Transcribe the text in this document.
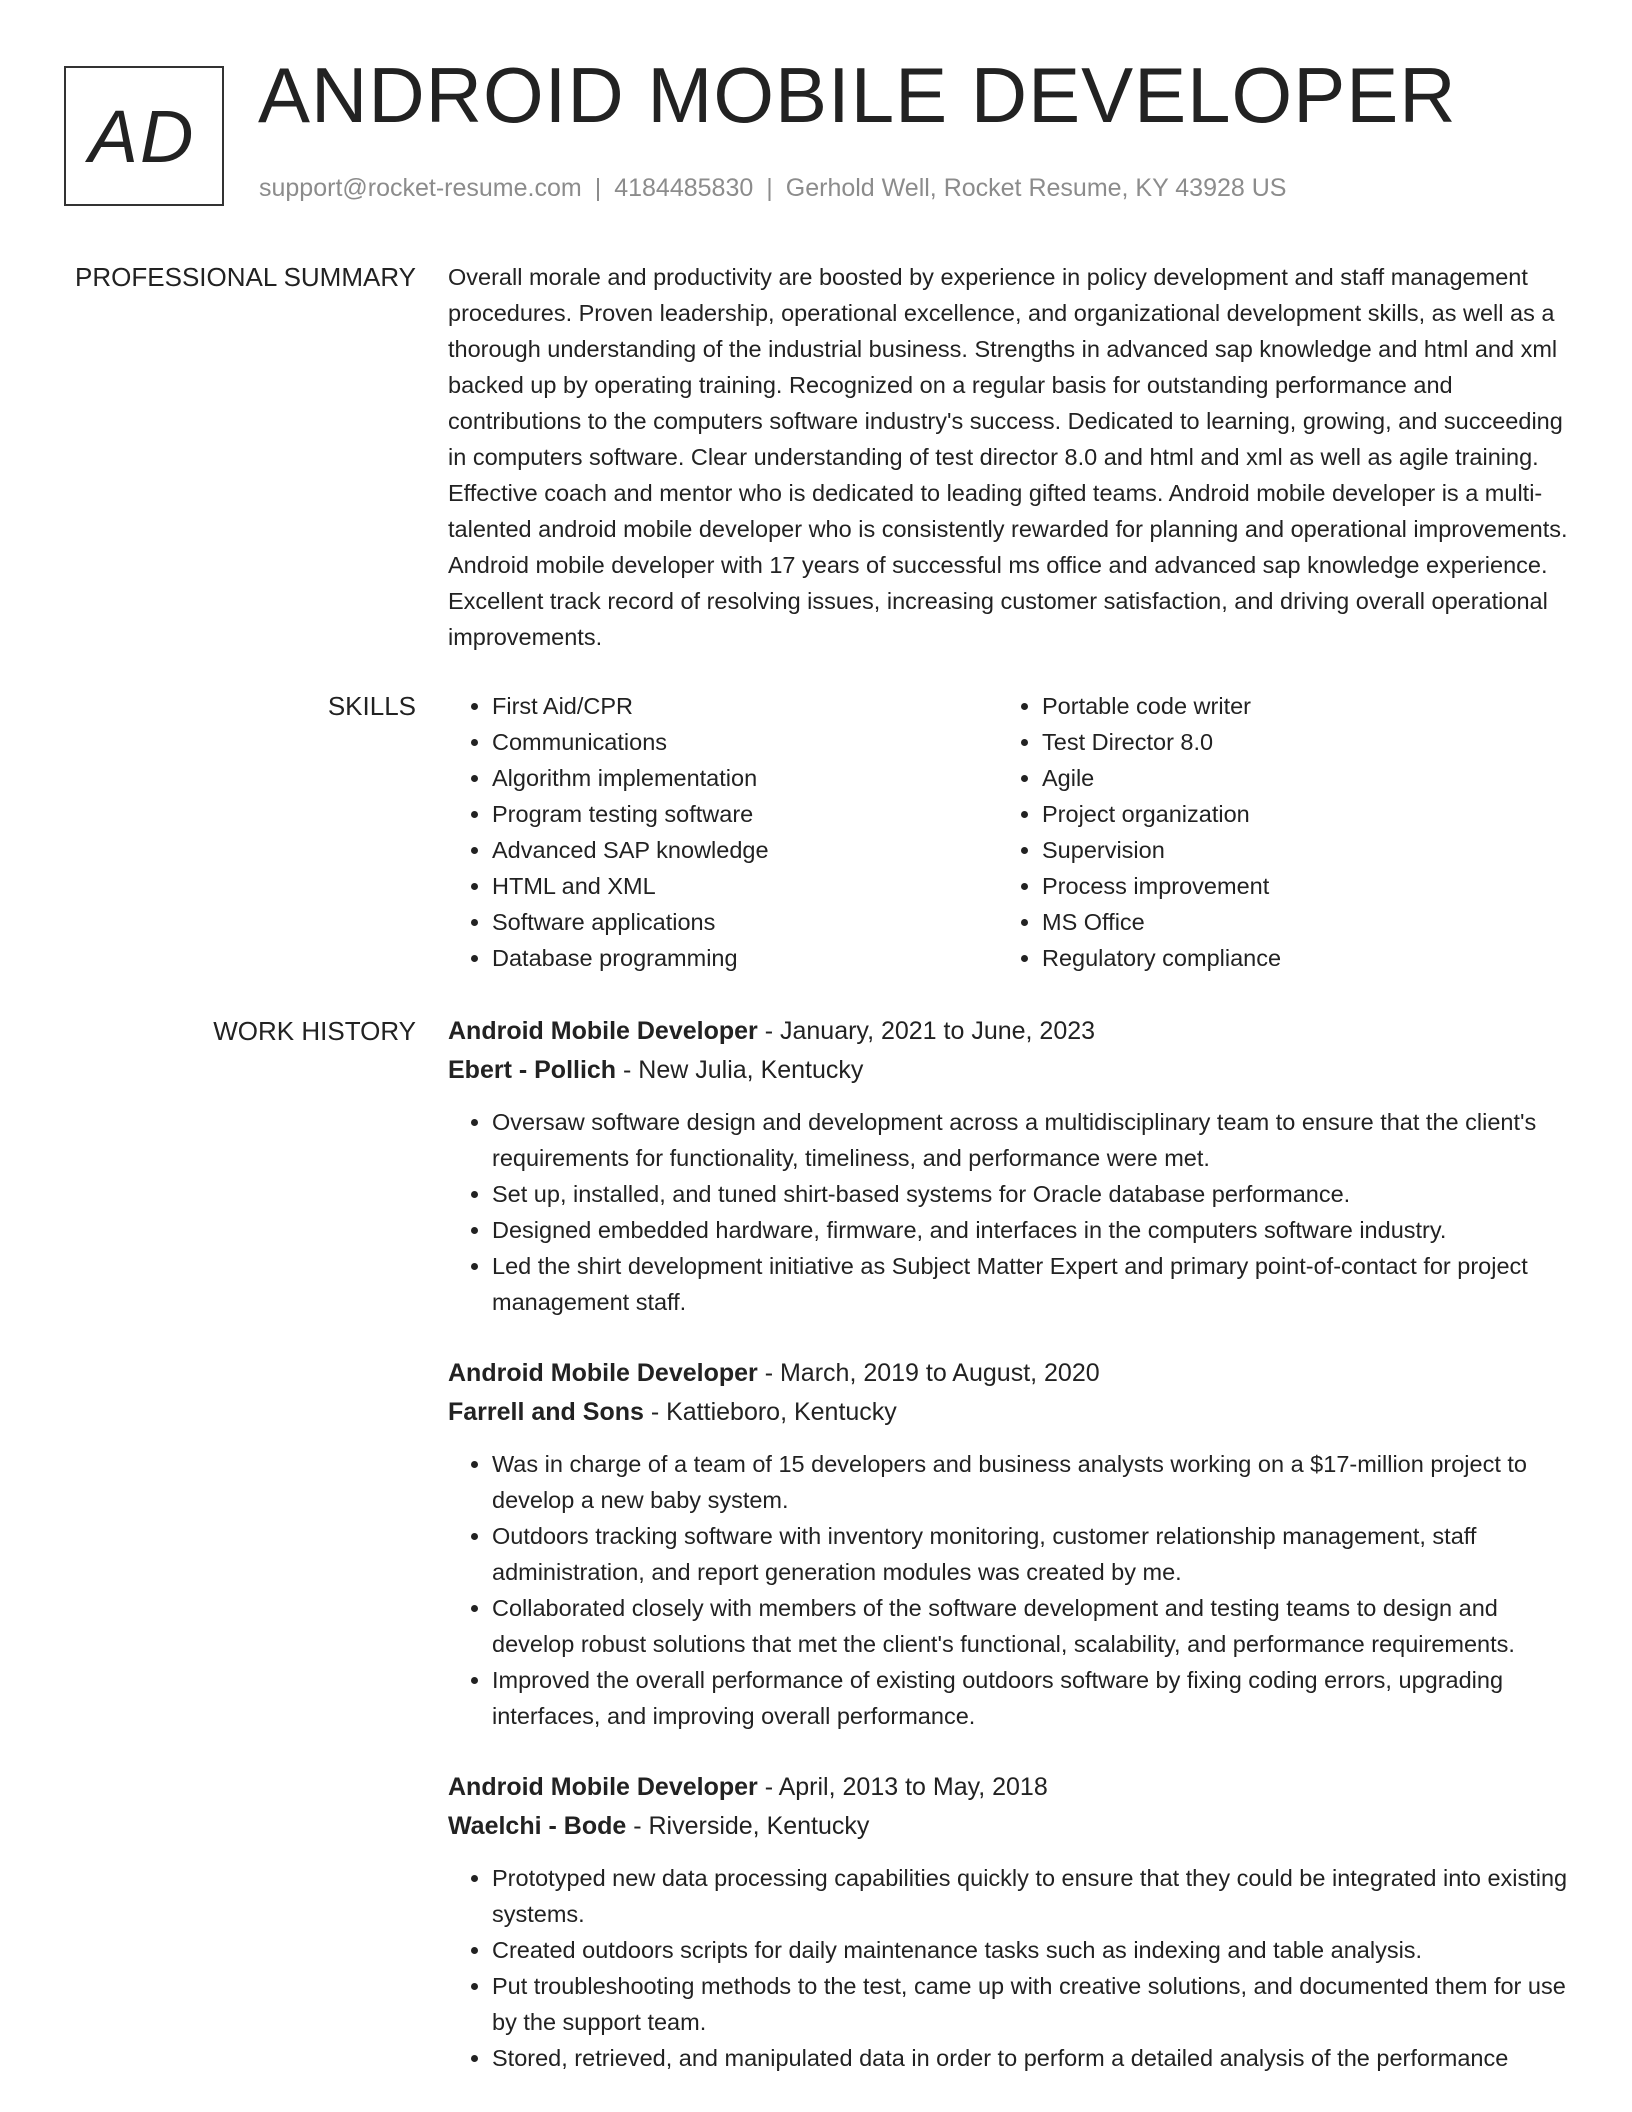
AD ANDROID MOBILE DEVELOPER
support@rocket-resume.com | 4184485830 | Gerhold Well, Rocket Resume, KY 43928 US
PROFESSIONAL SUMMARY Overall morale and productivity are boosted by experience in policy development and staff management procedures. Proven leadership, operational excellence, and organizational development skills, as well as a thorough understanding of the industrial business. Strengths in advanced sap knowledge and html and xml backed up by operating training. Recognized on a regular basis for outstanding performance and contributions to the computers software industry's success. Dedicated to learning, growing, and succeeding in computers software. Clear understanding of test director 8.0 and html and xml as well as agile training. Effective coach and mentor who is dedicated to leading gifted teams. Android mobile developer is a multi-talented android mobile developer who is consistently rewarded for planning and operational improvements. Android mobile developer with 17 years of successful ms office and advanced sap knowledge experience. Excellent track record of resolving issues, increasing customer satisfaction, and driving overall operational improvements.

SKILLS
•	First Aid/CPR
• Communications
• Algorithm implementation
• Program testing software
• Advanced SAP knowledge
• HTML and XML
• Software applications
• Database programming
• Portable code writer
• Test Director 8.0
• Agile
• Project organization
• Supervision
• Process improvement
• MS Office
• Regulatory compliance
WORK HISTORY Android Mobile Developer - January, 2021 to June, 2023
Ebert - Pollich - New Julia, Kentucky
• Oversaw software design and development across a multidisciplinary team to ensure that the client's requirements for functionality, timeliness, and performance were met.
• Set up, installed, and tuned shirt-based systems for Oracle database performance.
• Designed embedded hardware, firmware, and interfaces in the computers software industry.
• Led the shirt development initiative as Subject Matter Expert and primary point-of-contact for project management staff.
Android Mobile Developer - March, 2019 to August, 2020
Farrell and Sons - Kattieboro, Kentucky
• Was in charge of a team of 15 developers and business analysts working on a $17-million project to develop a new baby system.
• Outdoors tracking software with inventory monitoring, customer relationship management, staff administration, and report generation modules was created by me.
• Collaborated closely with members of the software development and testing teams to design and develop robust solutions that met the client's functional, scalability, and performance requirements.
• Improved the overall performance of existing outdoors software by fixing coding errors, upgrading interfaces, and improving overall performance.
Android Mobile Developer - April, 2013 to May, 2018
Waelchi - Bode - Riverside, Kentucky
• Prototyped new data processing capabilities quickly to ensure that they could be integrated into existing systems.
• Created outdoors scripts for daily maintenance tasks such as indexing and table analysis.
• Put troubleshooting methods to the test, came up with creative solutions, and documented them for use by the support team.
• Stored, retrieved, and manipulated data in order to perform a detailed analysis of the performance
